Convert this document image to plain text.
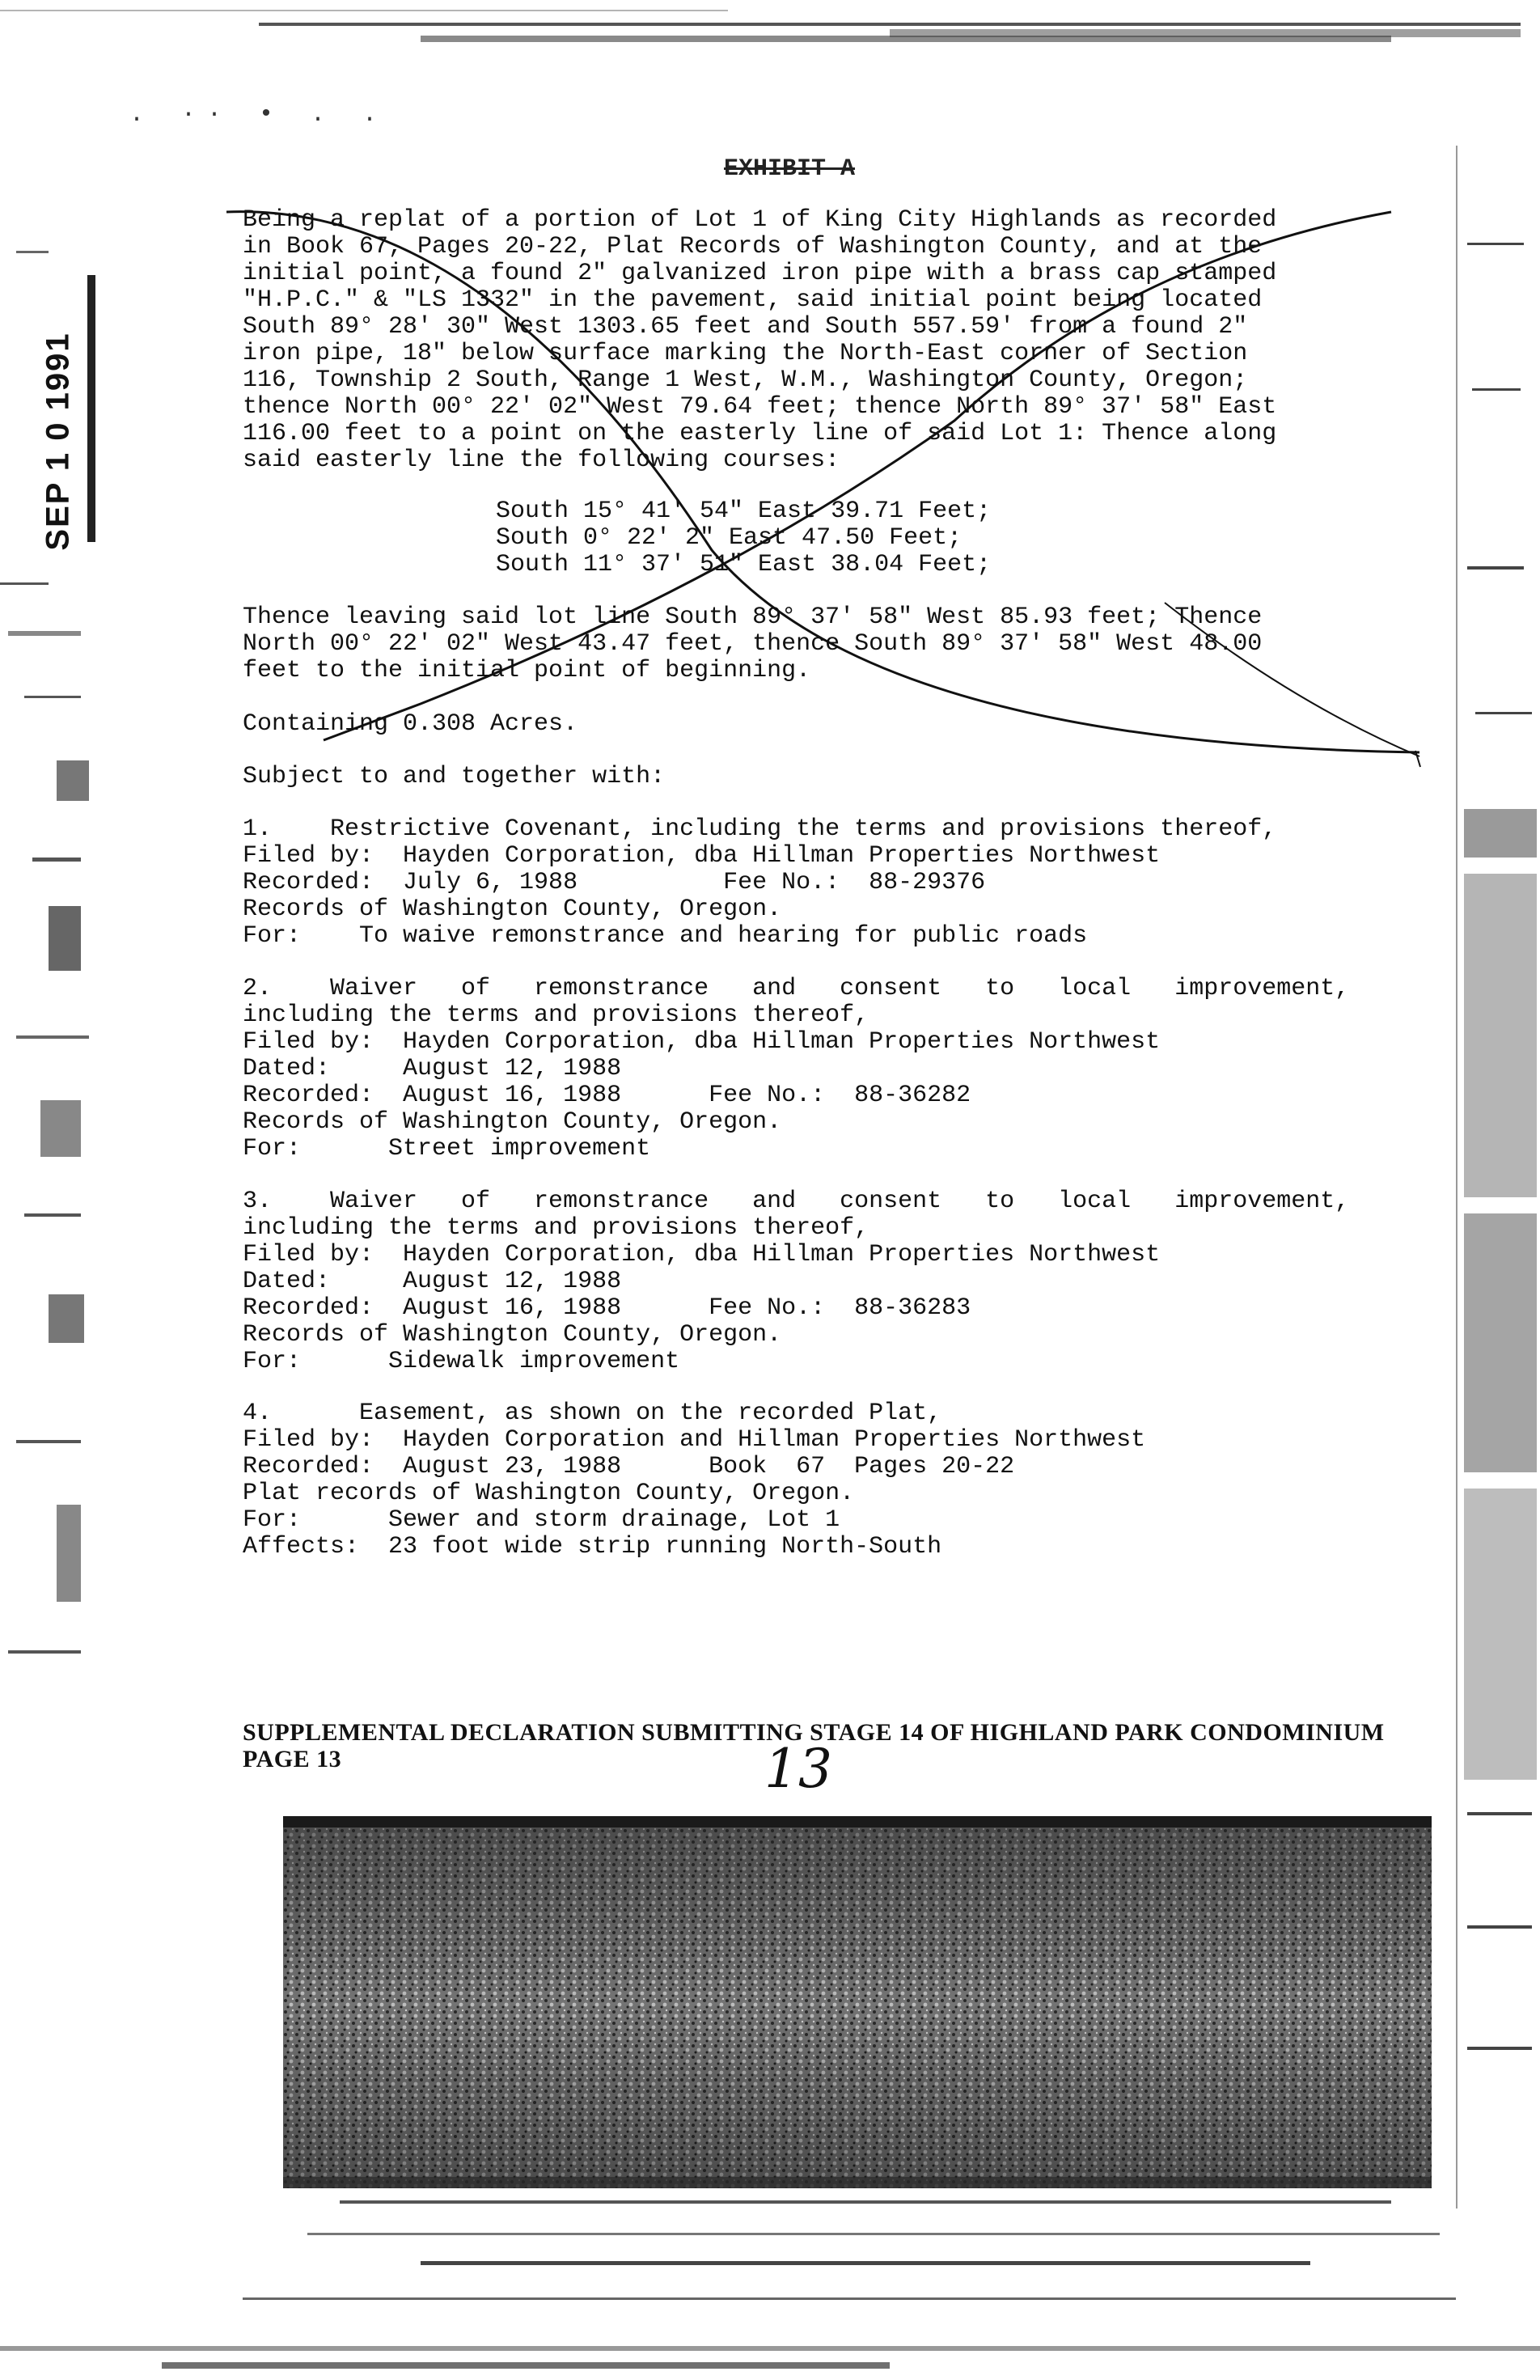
. ·· • . .
SEP 1 0 1991
EXHIBIT A
Being a replat of a portion of Lot 1 of King City Highlands as recorded
in Book 67, Pages 20-22, Plat Records of Washington County, and at the
initial point, a found 2" galvanized iron pipe with a brass cap stamped
"H.P.C." & "LS 1332" in the pavement, said initial point being located
South 89° 28' 30" West 1303.65 feet and South 557.59' from a found 2"
iron pipe, 18" below surface marking the North-East corner of Section
116, Township 2 South, Range 1 West, W.M., Washington County, Oregon;
thence North 00° 22' 02" West 79.64 feet; thence North 89° 37' 58" East
116.00 feet to a point on the easterly line of said Lot 1: Thence along
said easterly line the following courses:
South 15° 41' 54" East 39.71 Feet;
South 0° 22' 2" East 47.50 Feet;
South 11° 37' 51" East 38.04 Feet;
Thence leaving said lot line South 89° 37' 58" West 85.93 feet; Thence
North 00° 22' 02" West 43.47 feet, thence South 89° 37' 58" West 48.00
feet to the initial point of beginning.
Containing 0.308 Acres.
Subject to and together with:
1.    Restrictive Covenant, including the terms and provisions thereof,
Filed by:  Hayden Corporation, dba Hillman Properties Northwest
Recorded:  July 6, 1988          Fee No.:  88-29376
Records of Washington County, Oregon.
For:    To waive remonstrance and hearing for public roads
2.    Waiver   of   remonstrance   and   consent   to   local   improvement,
including the terms and provisions thereof,
Filed by:  Hayden Corporation, dba Hillman Properties Northwest
Dated:     August 12, 1988
Recorded:  August 16, 1988      Fee No.:  88-36282
Records of Washington County, Oregon.
For:      Street improvement
3.    Waiver   of   remonstrance   and   consent   to   local   improvement,
including the terms and provisions thereof,
Filed by:  Hayden Corporation, dba Hillman Properties Northwest
Dated:     August 12, 1988
Recorded:  August 16, 1988      Fee No.:  88-36283
Records of Washington County, Oregon.
For:      Sidewalk improvement
4.      Easement, as shown on the recorded Plat,
Filed by:  Hayden Corporation and Hillman Properties Northwest
Recorded:  August 23, 1988      Book  67  Pages 20-22
Plat records of Washington County, Oregon.
For:      Sewer and storm drainage, Lot 1
Affects:  23 foot wide strip running North-South
SUPPLEMENTAL DECLARATION SUBMITTING STAGE 14 OF HIGHLAND PARK CONDOMINIUM
PAGE 13	13
